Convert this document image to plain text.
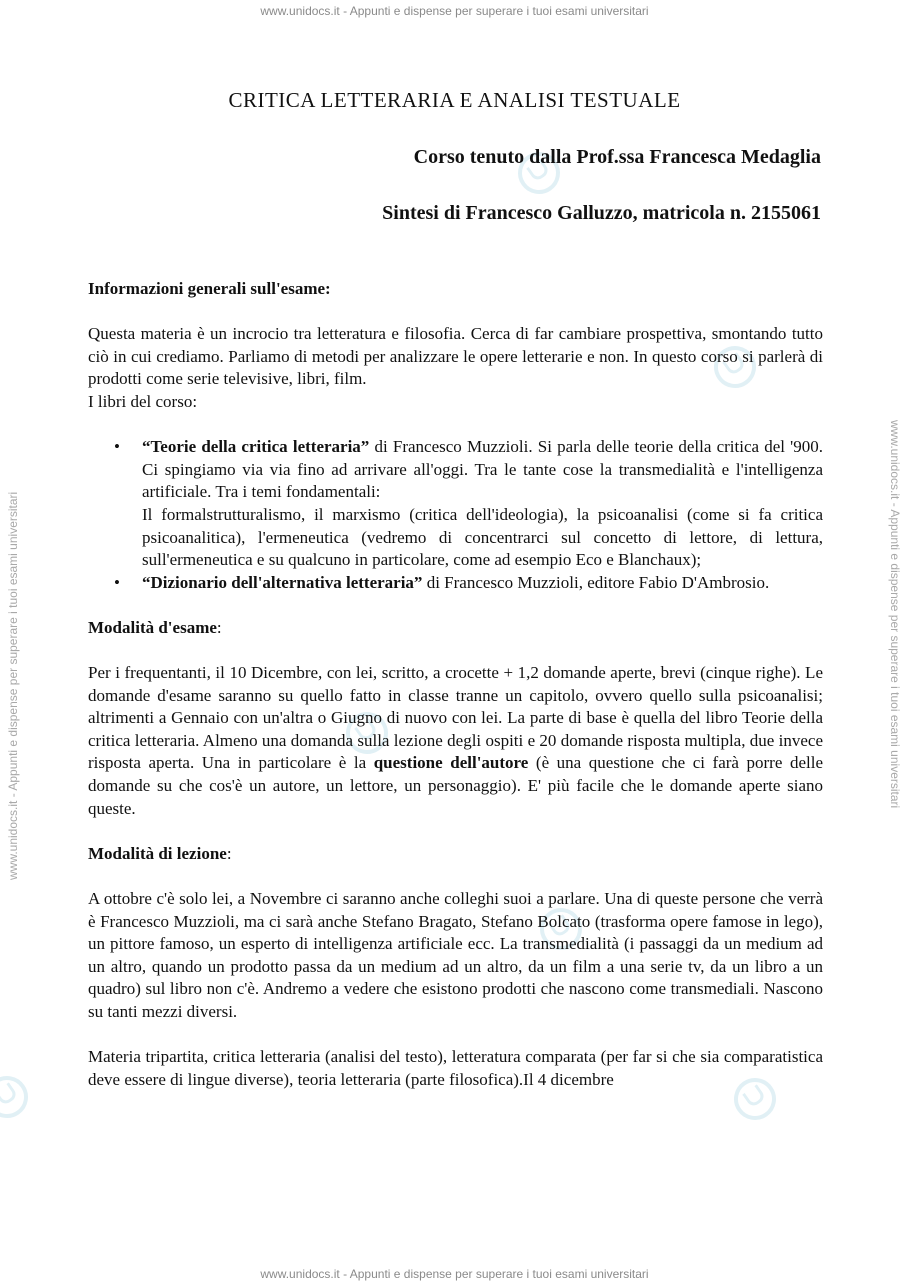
www.unidocs.it - Appunti e dispense per superare i tuoi esami universitari
www.unidocs.it - Appunti e dispense per superare i tuoi esami universitari
www.unidocs.it - Appunti e dispense per superare i tuoi esami universitari	www.unidocs.it - Appunti e dispense per superare i tuoi esami universitari
CRITICA LETTERARIA E ANALISI TESTUALE
Corso tenuto dalla Prof.ssa Francesca Medaglia
Sintesi di Francesco Galluzzo, matricola n. 2155061

Informazioni generali sull'esame:

Questa materia è un incrocio tra letteratura e filosofia. Cerca di far cambiare prospettiva, smontando tutto ciò in cui crediamo. Parliamo di metodi per analizzare le opere letterarie e non. In questo corso si parlerà di prodotti come serie televisive, libri, film.

I libri del corso:

• “Teorie della critica letteraria” di Francesco Muzzioli. Si parla delle teorie della critica del '900. Ci spingiamo via via fino ad arrivare all'oggi. Tra le tante cose la transmedialità e l'intelligenza artificiale. Tra i temi fondamentali:
Il formalstrutturalismo, il marxismo (critica dell'ideologia), la psicoanalisi (come si fa critica psicoanalitica), l'ermeneutica (vedremo di concentrarci sul concetto di lettore, di lettura, sull'ermeneutica e su qualcuno in particolare, come ad esempio Eco e Blanchaux);
• “Dizionario dell'alternativa letteraria” di Francesco Muzzioli, editore Fabio D'Ambrosio.

Modalità d'esame:

Per i frequentanti, il 10 Dicembre, con lei, scritto, a crocette + 1,2 domande aperte, brevi (cinque righe). Le domande d'esame saranno su quello fatto in classe tranne un capitolo, ovvero quello sulla psicoanalisi; altrimenti a Gennaio con un'altra o Giugno di nuovo con lei. La parte di base è quella del libro Teorie della critica letteraria. Almeno una domanda sulla lezione degli ospiti e 20 domande risposta multipla, due invece risposta aperta. Una in particolare è la questione dell'autore (è una questione che ci farà porre delle domande su che cos'è un autore, un lettore, un personaggio). E' più facile che le domande aperte siano queste.

Modalità di lezione:

A ottobre c'è solo lei, a Novembre ci saranno anche colleghi suoi a parlare. Una di queste persone che verrà è Francesco Muzzioli, ma ci sarà anche Stefano Bragato, Stefano Bolcato (trasforma opere famose in lego), un pittore famoso, un esperto di intelligenza artificiale ecc. La transmedialità (i passaggi da un medium ad un altro, quando un prodotto passa da un medium ad un altro, da un film a una serie tv, da un libro a un quadro) sul libro non c'è. Andremo a vedere che esistono prodotti che nascono come transmediali. Nascono su tanti mezzi diversi.

Materia tripartita, critica letteraria (analisi del testo), letteratura comparata (per far si che sia comparatistica deve essere di lingue diverse), teoria letteraria (parte filosofica).Il 4 dicembre
